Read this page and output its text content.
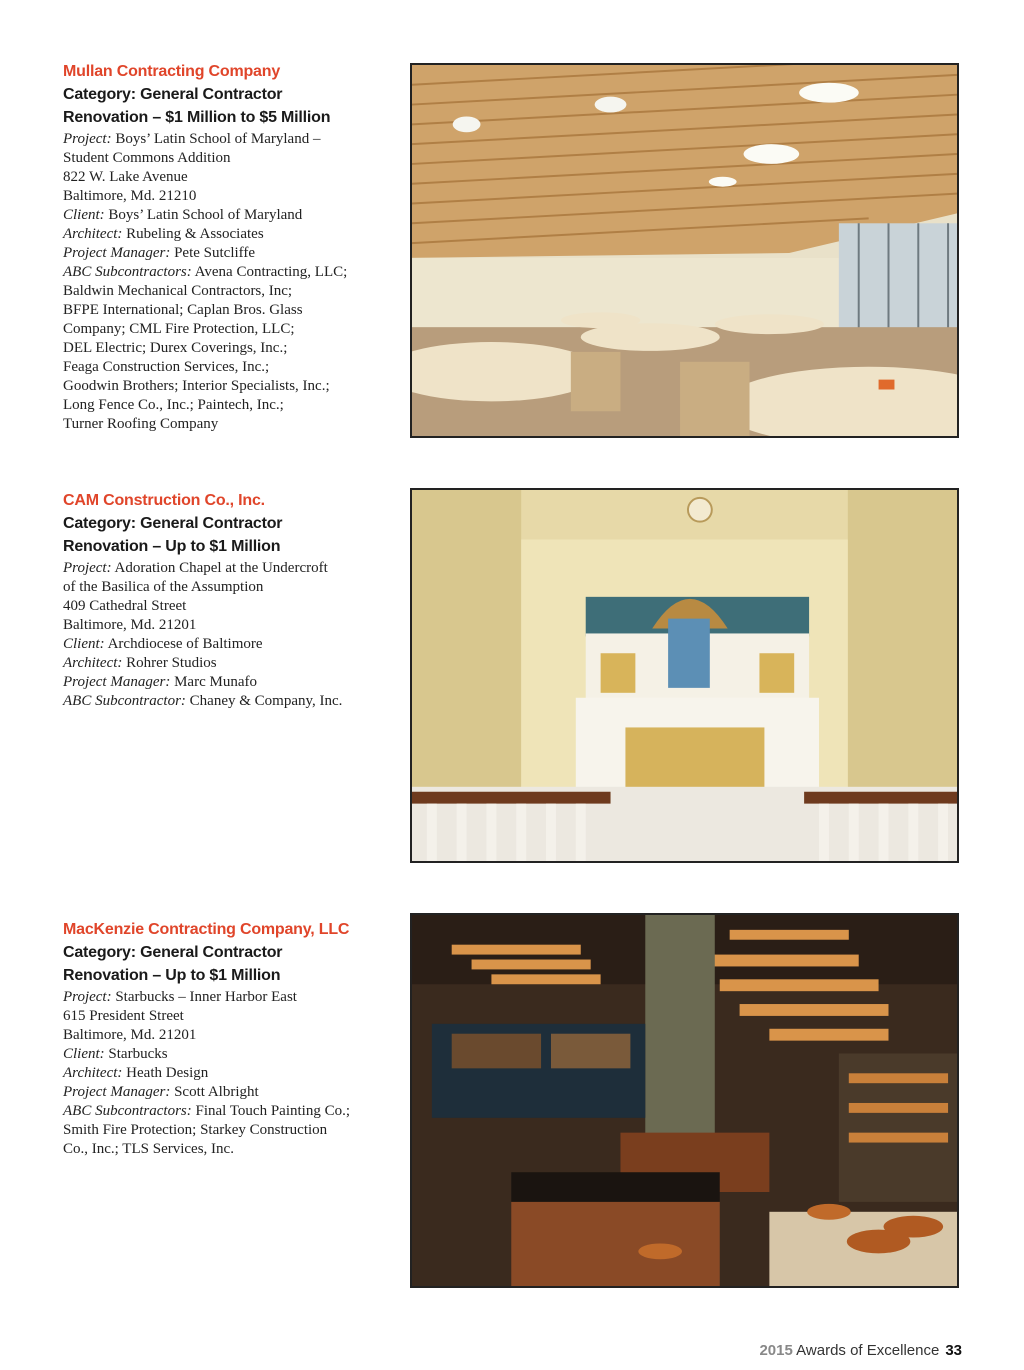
Mullan Contracting Company
Category: General Contractor
Renovation – $1 Million to $5 Million
Project: Boys’ Latin School of Maryland –
Student Commons Addition
822 W. Lake Avenue
Baltimore, Md. 21210
Client: Boys’ Latin School of Maryland
Architect: Rubeling & Associates
Project Manager: Pete Sutcliffe
ABC Subcontractors: Avena Contracting, LLC;
Baldwin Mechanical Contractors, Inc;
BFPE International; Caplan Bros. Glass
Company; CML Fire Protection, LLC;
DEL Electric; Durex Coverings, Inc.;
Feaga Construction Services, Inc.;
Goodwin Brothers; Interior Specialists, Inc.;
Long Fence Co., Inc.; Paintech, Inc.;
Turner Roofing Company
CAM Construction Co., Inc.
Category: General Contractor
Renovation – Up to $1 Million
Project: Adoration Chapel at the Undercroft
of the Basilica of the Assumption
409 Cathedral Street
Baltimore, Md. 21201
Client: Archdiocese of Baltimore
Architect: Rohrer Studios
Project Manager: Marc Munafo
ABC Subcontractor: Chaney & Company, Inc.
MacKenzie Contracting Company, LLC
Category: General Contractor
Renovation – Up to $1 Million
Project: Starbucks – Inner Harbor East
615 President Street
Baltimore, Md. 21201
Client: Starbucks
Architect: Heath Design
Project Manager: Scott Albright
ABC Subcontractors: Final Touch Painting Co.;
Smith Fire Protection; Starkey Construction
Co., Inc.; TLS Services, Inc.
2015 Awards of Excellence 33
